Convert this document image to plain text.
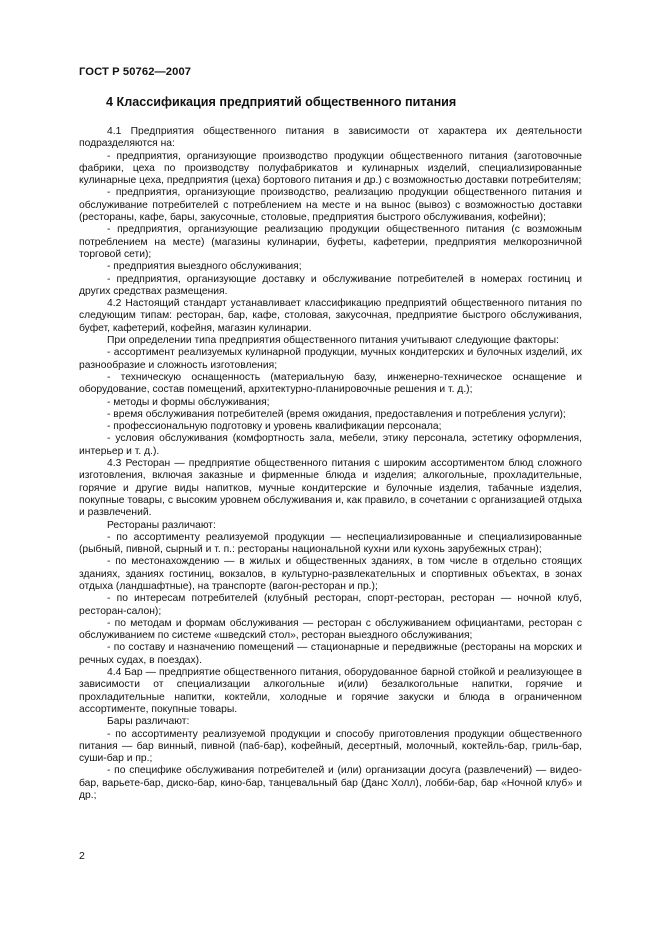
ГОСТ Р 50762—2007
4 Классификация предприятий общественного питания

4.1 Предприятия общественного питания в зависимости от характера их деятельности подразделяются на:

- предприятия, организующие производство продукции общественного питания (заготовочные фабрики, цеха по производству полуфабрикатов и кулинарных изделий, специализированные кулинарные цеха, предприятия (цеха) бортового питания и др.) с возможностью доставки потребителям;

- предприятия, организующие производство, реализацию продукции общественного питания и обслуживание потребителей с потреблением на месте и на вынос (вывоз) с возможностью доставки (рестораны, кафе, бары, закусочные, столовые, предприятия быстрого обслуживания, кофейни);

- предприятия, организующие реализацию продукции общественного питания (с возможным потреблением на месте) (магазины кулинарии, буфеты, кафетерии, предприятия мелкорозничной торговой сети);

- предприятия выездного обслуживания;

- предприятия, организующие доставку и обслуживание потребителей в номерах гостиниц и других средствах размещения.

4.2 Настоящий стандарт устанавливает классификацию предприятий общественного питания по следующим типам: ресторан, бар, кафе, столовая, закусочная, предприятие быстрого обслуживания, буфет, кафетерий, кофейня, магазин кулинарии.

При определении типа предприятия общественного питания учитывают следующие факторы:

- ассортимент реализуемых кулинарной продукции, мучных кондитерских и булочных изделий, их разнообразие и сложность изготовления;

- техническую оснащенность (материальную базу, инженерно-техническое оснащение и оборудование, состав помещений, архитектурно-планировочные решения и т. д.);

- методы и формы обслуживания;

- время обслуживания потребителей (время ожидания, предоставления и потребления услуги);

- профессиональную подготовку и уровень квалификации персонала;

- условия обслуживания (комфортность зала, мебели, этику персонала, эстетику оформления, интерьер и т. д.).

4.3 Ресторан — предприятие общественного питания с широким ассортиментом блюд сложного изготовления, включая заказные и фирменные блюда и изделия; алкогольные, прохладительные, горячие и другие виды напитков, мучные кондитерские и булочные изделия, табачные изделия, покупные товары, с высоким уровнем обслуживания и, как правило, в сочетании с организацией отдыха и развлечений.

Рестораны различают:

- по ассортименту реализуемой продукции — неспециализированные и специализированные (рыбный, пивной, сырный и т. п.: рестораны национальной кухни или кухонь зарубежных стран);

- по местонахождению — в жилых и общественных зданиях, в том числе в отдельно стоящих зданиях, зданиях гостиниц, вокзалов, в культурно-развлекательных и спортивных объектах, в зонах отдыха (ландшафтные), на транспорте (вагон-ресторан и пр.);

- по интересам потребителей (клубный ресторан, спорт-ресторан, ресторан — ночной клуб, ресторан-салон);

- по методам и формам обслуживания — ресторан с обслуживанием официантами, ресторан с обслуживанием по системе «шведский стол», ресторан выездного обслуживания;

- по составу и назначению помещений — стационарные и передвижные (рестораны на морских и речных судах, в поездах).

4.4 Бар — предприятие общественного питания, оборудованное барной стойкой и реализующее в зависимости от специализации алкогольные и(или) безалкогольные напитки, горячие и прохладительные напитки, коктейли, холодные и горячие закуски и блюда в ограниченном ассортименте, покупные товары.

Бары различают:

- по ассортименту реализуемой продукции и способу приготовления продукции общественного питания — бар винный, пивной (паб-бар), кофейный, десертный, молочный, коктейль-бар, гриль-бар, суши-бар и пр.;

- по специфике обслуживания потребителей и (или) организации досуга (развлечений) — видео-бар, варьете-бар, диско-бар, кино-бар, танцевальный бар (Данс Холл), лобби-бар, бар «Ночной клуб» и др.;

2
